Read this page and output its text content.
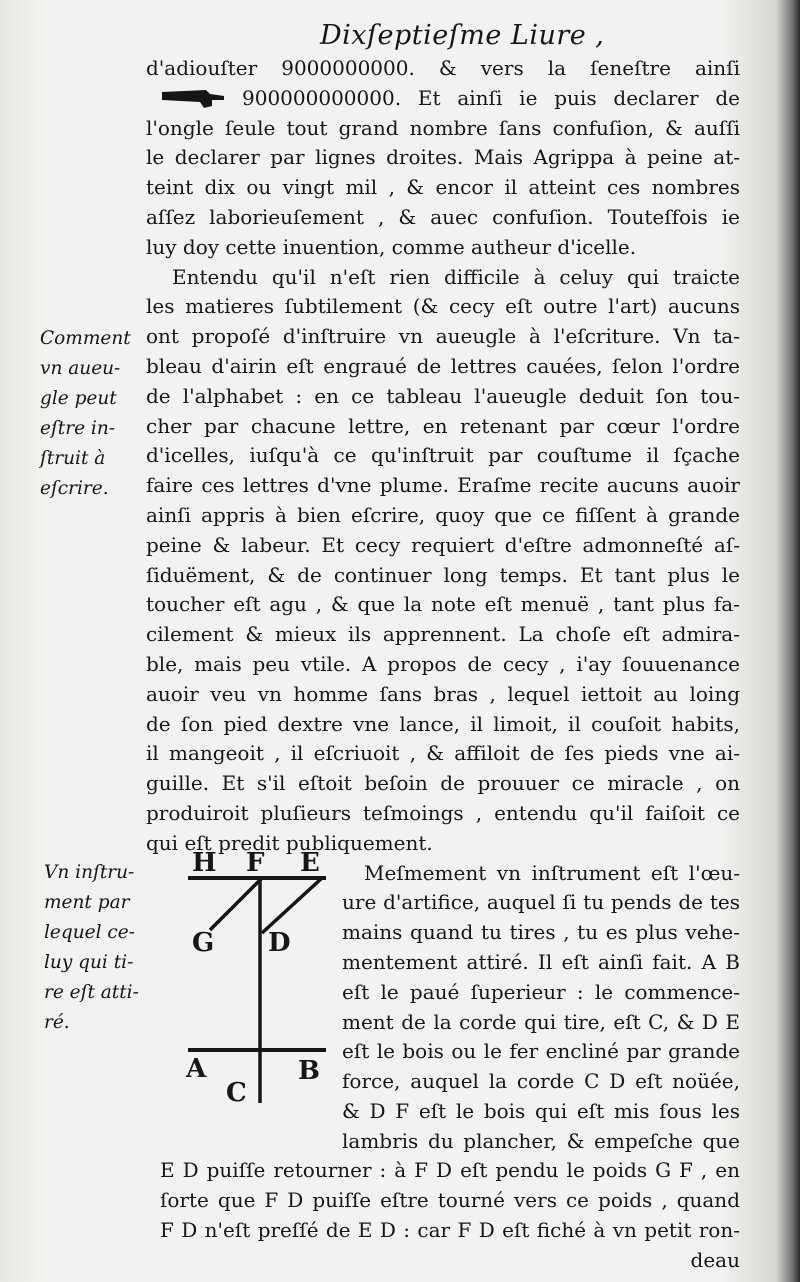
Dixſeptieſme Liure ,
d'adiouſter 9000000000. & vers la ſeneſtre ainſi
900000000000. Et ainſi ie puis declarer de
l'ongle ſeule tout grand nombre ſans confuſion, & auſſi
le declarer par lignes droites. Mais Agrippa à peine at-
teint dix ou vingt mil , & encor il atteint ces nombres
aſſez laborieuſement , & auec confuſion. Touteſfois ie
luy doy cette inuention, comme autheur d'icelle.
Entendu qu'il n'eſt rien difficile à celuy qui traicte
les matieres ſubtilement (& cecy eſt outre l'art) aucuns
ont propoſé d'inſtruire vn aueugle à l'eſcriture. Vn ta-
bleau d'airin eſt engraué de lettres cauées, ſelon l'ordre
de l'alphabet : en ce tableau l'aueugle deduit ſon tou-
cher par chacune lettre, en retenant par cœur l'ordre
d'icelles, iuſqu'à ce qu'inſtruit par couſtume il ſçache
faire ces lettres d'vne plume. Eraſme recite aucuns auoir
ainſi appris à bien eſcrire, quoy que ce fiſſent à grande
peine & labeur. Et cecy requiert d'eſtre admonneſté aſ-
ſiduëment, & de continuer long temps. Et tant plus le
toucher eſt agu , & que la note eſt menuë , tant plus fa-
cilement & mieux ils apprennent. La choſe eſt admira-
ble, mais peu vtile. A propos de cecy , i'ay ſouuenance
auoir veu vn homme ſans bras , lequel iettoit au loing
de ſon pied dextre vne lance, il limoit, il couſoit habits,
il mangeoit , il eſcriuoit , & affiloit de ſes pieds vne ai-
guille. Et s'il eſtoit beſoin de prouuer ce miracle , on
produiroit pluſieurs teſmoings , entendu qu'il faiſoit ce
qui eſt predit publiquement.
Meſmement vn inſtrument eſt l'œu-
ure d'artifice, auquel ſi tu pends de tes
mains quand tu tires , tu es plus vehe-
mentement attiré. Il eſt ainſi fait. A B
eſt le paué ſuperieur : le commence-
ment de la corde qui tire, eſt C, & D E
eſt le bois ou le fer encliné par grande
force, auquel la corde C D eſt noüée,
& D F eſt le bois qui eſt mis ſous les
lambris du plancher, & empeſche que
E D puiſſe retourner : à F D eſt pendu le poids G F , en
ſorte que F D puiſſe eſtre tourné vers ce poids , quand
F D n'eſt preſſé de E D : car F D eſt fiché à vn petit ron-
deau
Comment
vn aueu-
gle peut
eſtre in-
ſtruit à
eſcrire.
Vn inſtru-
ment par
lequel ce-
luy qui ti-
re eſt atti-
ré.
H F E
G D
A	B
C
